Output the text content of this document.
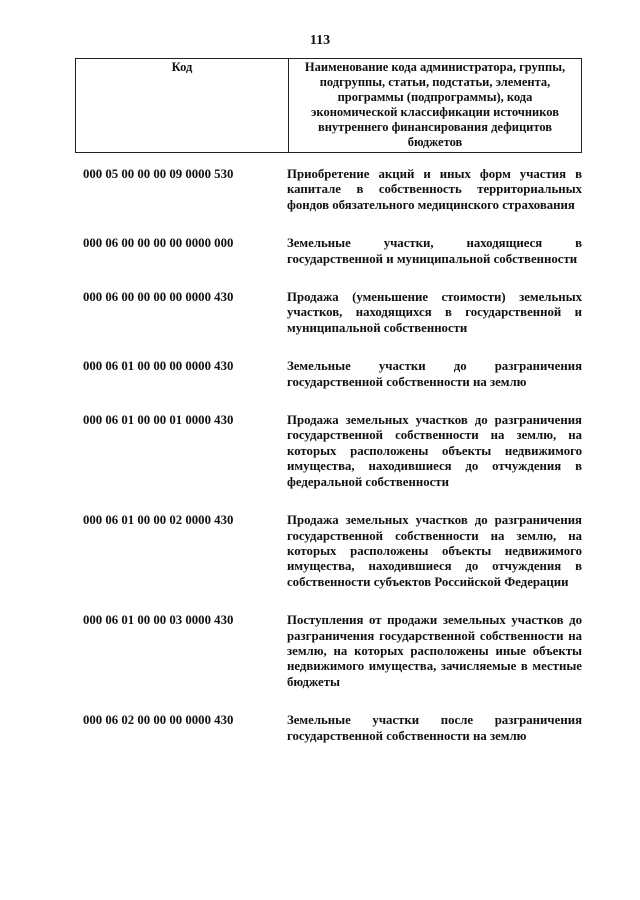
113
Код	Наименование кода администратора, группы, подгруппы, статьи, подстатьи, элемента, программы (подпрограммы), кода экономической классификации источников внутреннего финансирования дефицитов бюджетов
000 05 00 00 00 09 0000 530	Приобретение акций и иных форм участия в капитале в собственность территориальных фондов обязательного медицинского страхования
000 06 00 00 00 00 0000 000	Земельные участки, находящиеся в государственной и муниципальной собственности
000 06 00 00 00 00 0000 430	Продажа (уменьшение стоимости) земельных участков, находящихся в государственной и муниципальной собственности
000 06 01 00 00 00 0000 430	Земельные участки до разграничения государственной собственности на землю
000 06 01 00 00 01 0000 430	Продажа земельных участков до разграничения государственной собственности на землю, на которых расположены объекты недвижимого имущества, находившиеся до отчуждения в федеральной собственности
000 06 01 00 00 02 0000 430	Продажа земельных участков до разграничения государственной собственности на землю, на которых расположены объекты недвижимого имущества, находившиеся до отчуждения в собственности субъектов Российской Федерации
000 06 01 00 00 03 0000 430	Поступления от продажи земельных участков до разграничения государственной собственности на землю, на которых расположены иные объекты недвижимого имущества, зачисляемые в местные бюджеты
000 06 02 00 00 00 0000 430	Земельные участки после разграничения государственной собственности на землю
